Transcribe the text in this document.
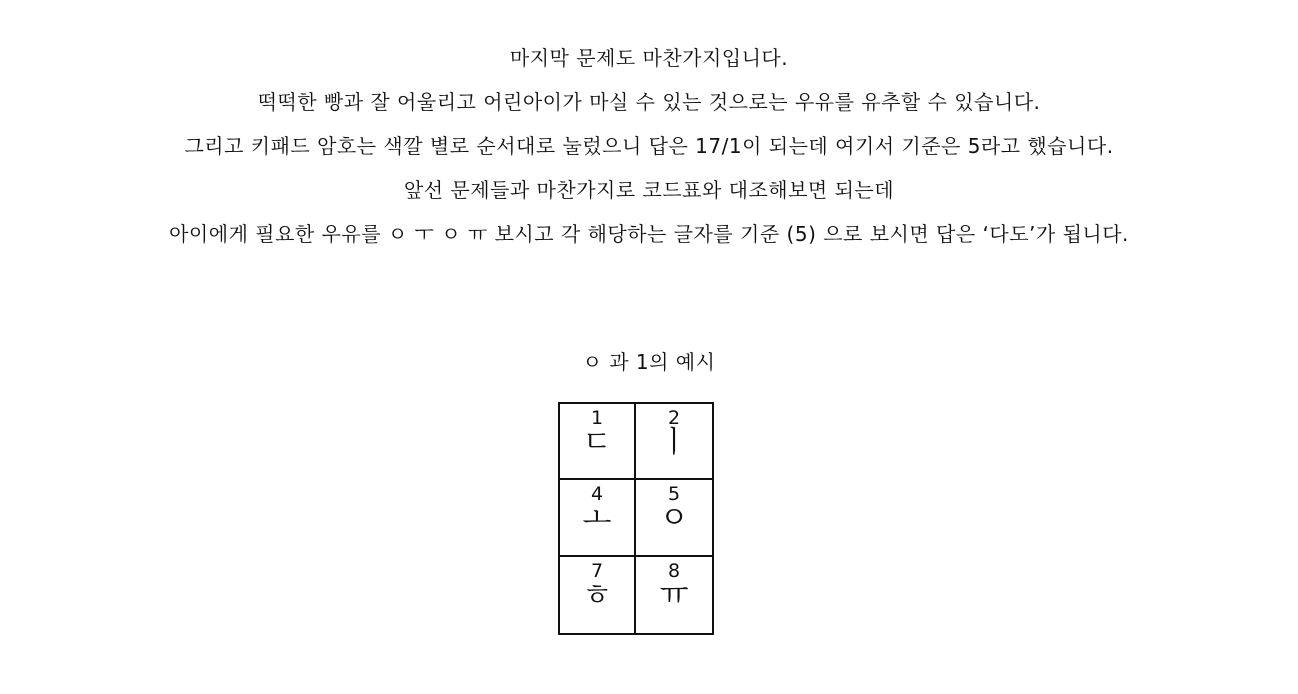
마지막 문제도 마찬가지입니다.
떡떡한 빵과 잘 어울리고 어린아이가 마실 수 있는 것으로는 우유를 유추할 수 있습니다.
그리고 키패드 암호는 색깔 별로 순서대로 눌렀으니 답은 17/1이 되는데 여기서 기준은 5라고 했습니다.
앞선 문제들과 마찬가지로 코드표와 대조해보면 되는데
아이에게 필요한 우유를 ㅇ ㅜ ㅇ ㅠ 보시고 각 해당하는 글자를 기준 (5) 으로 보시면 답은 ‘다도’가 됩니다.
ㅇ 과 1의 예시
1
ㄷ
2
ㅣ
4
ㅗ
5
ㅇ
7
ㅎ
8
ㅠ
